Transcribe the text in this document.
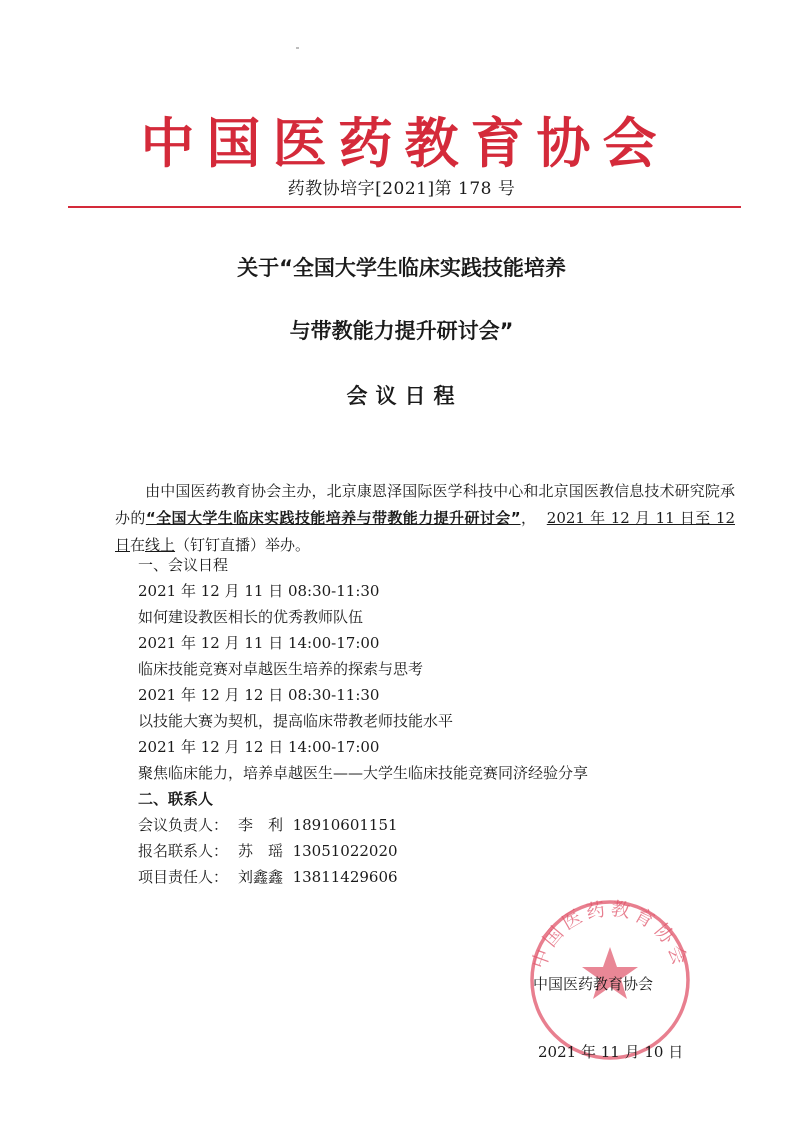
中国医药教育协会
药教协培字[2021]第 178 号
关于“全国大学生临床实践技能培养
与带教能力提升研讨会”
会议日程
由中国医药教育协会主办，北京康恩泽国际医学科技中心和北京国医教信息技术研究院承办的“全国大学生临床实践技能培养与带教能力提升研讨会”， 2021 年 12 月 11 日至 12 日在线上（钉钉直播）举办。
一、会议日程
2021 年 12 月 11 日 08:30-11:30
如何建设教医相长的优秀教师队伍
2021 年 12 月 11 日 14:00-17:00
临床技能竞赛对卓越医生培养的探索与思考
2021 年 12 月 12 日 08:30-11:30
以技能大赛为契机，提高临床带教老师技能水平
2021 年 12 月 12 日 14:00-17:00
聚焦临床能力，培养卓越医生——大学生临床技能竞赛同济经验分享
二、联系人
会议负责人： 李　利 18910601151
报名联系人： 苏　瑶 13051022020
项目责任人： 刘鑫鑫 13811429606
中国医药教育协会
中国医药教育协会
2021 年 11 月 10 日
